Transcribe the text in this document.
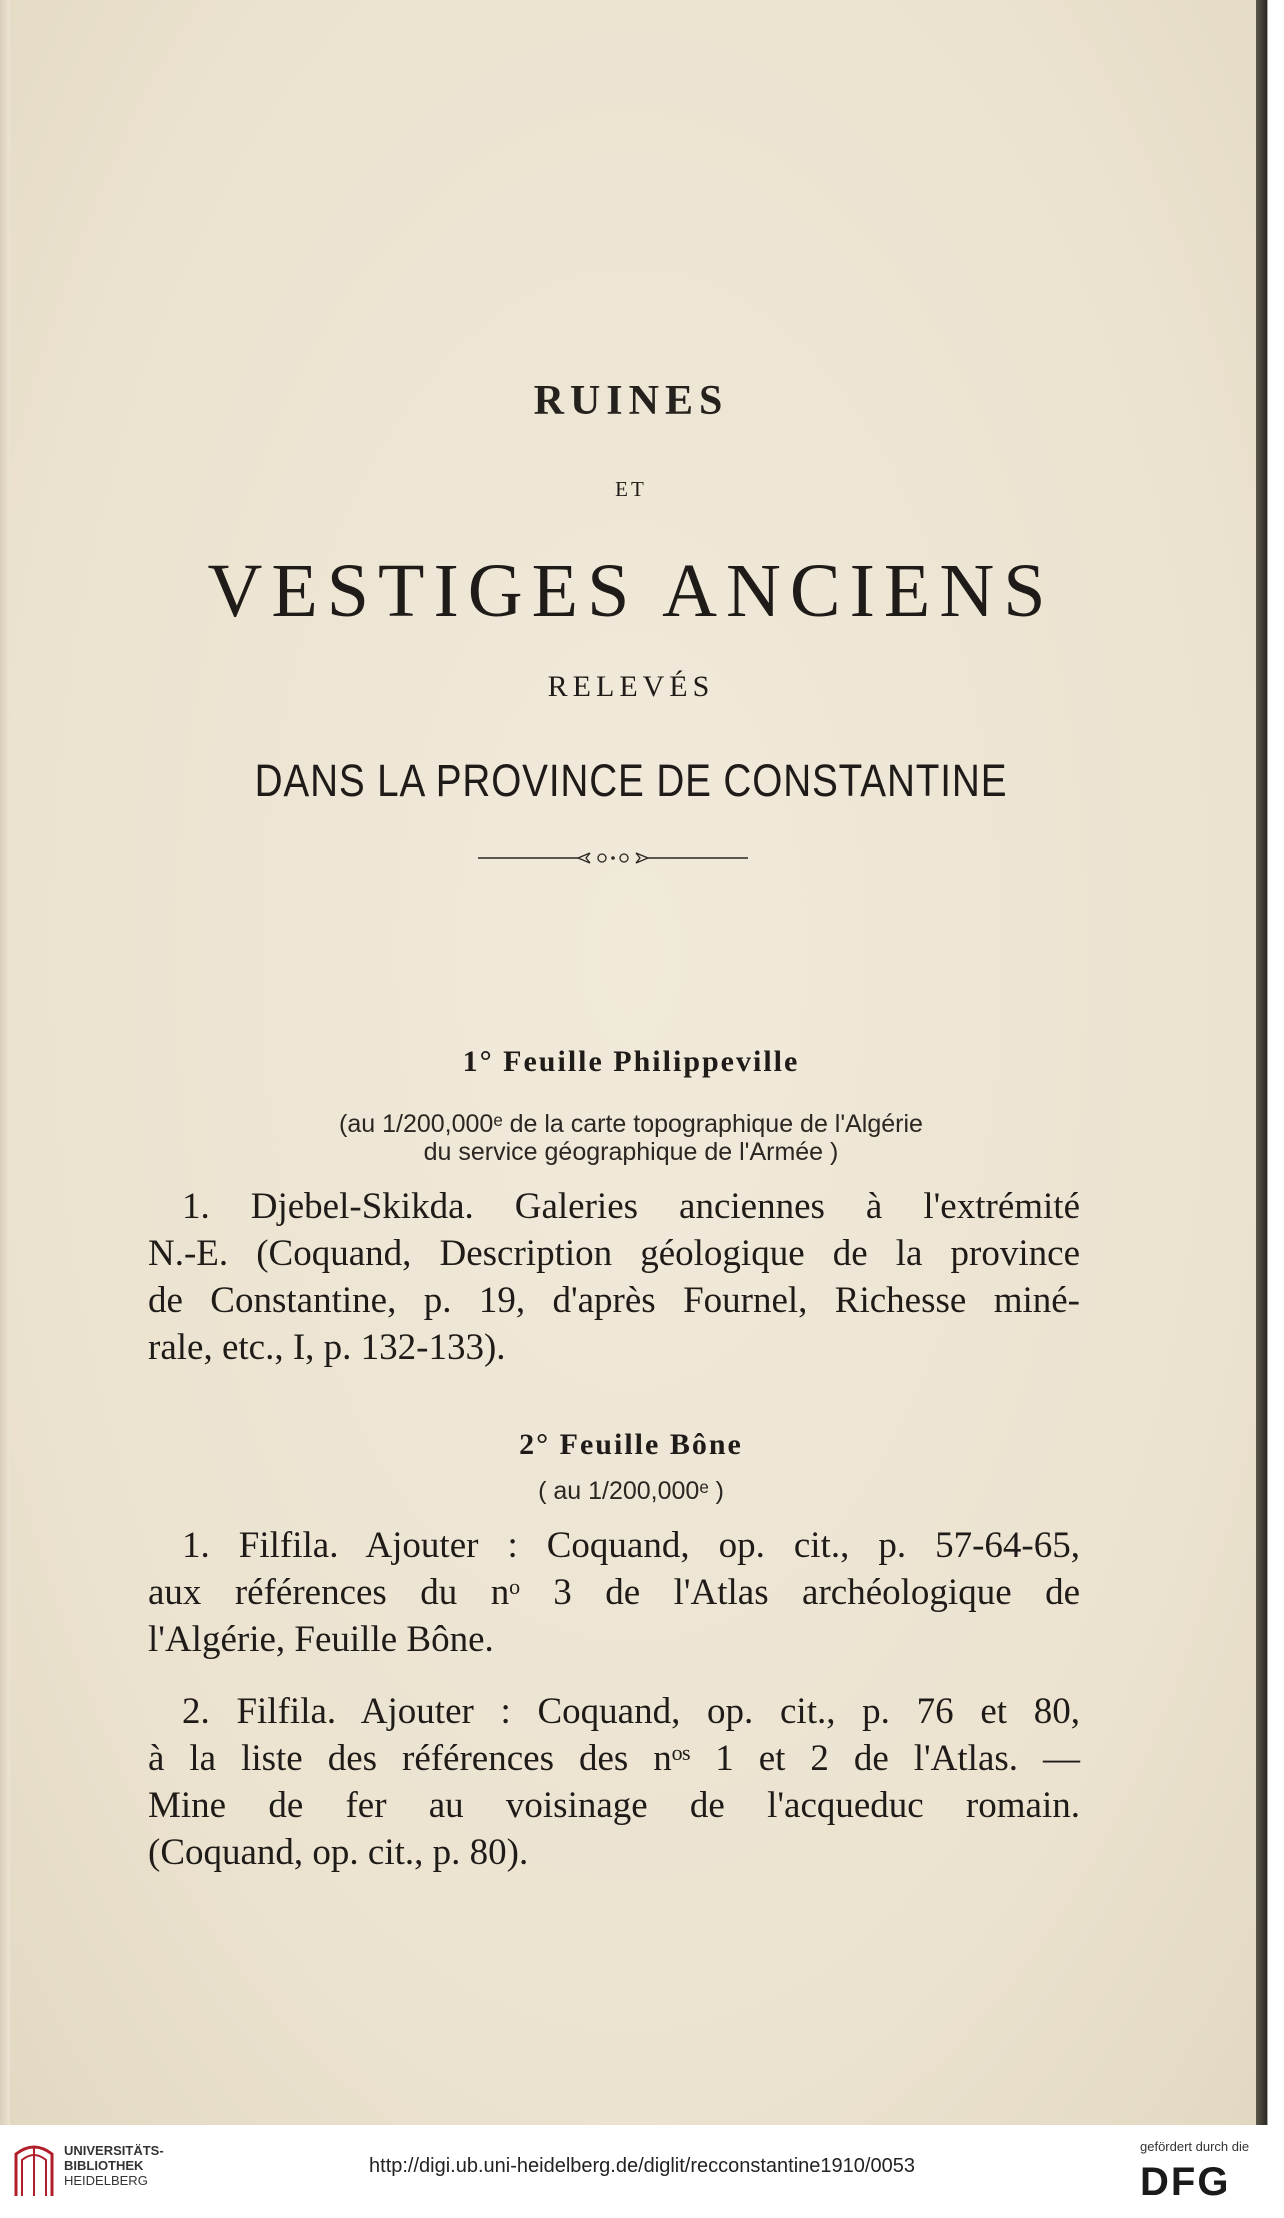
RUINES
ET
VESTIGES ANCIENS
RELEVÉS
DANS LA PROVINCE DE CONSTANTINE
1° Feuille Philippeville
(au 1/200,000ᵉ de la carte topographique de l'Algérie
du service géographique de l'Armée )
1. Djebel-Skikda. Galeries anciennes à l'extrémité
N.-E. (Coquand, Description géologique de la province
de Constantine, p. 19, d'après Fournel, Richesse miné-
rale, etc., I, p. 132-133).
2° Feuille Bône
( au 1/200,000ᵉ )
1. Filfila. Ajouter : Coquand, op. cit., p. 57-64-65,
aux références du nᵒ 3 de l'Atlas archéologique de
l'Algérie, Feuille Bône.
2. Filfila. Ajouter : Coquand, op. cit., p. 76 et 80,
à la liste des références des nᵒˢ 1 et 2 de l'Atlas. —
Mine de fer au voisinage de l'acqueduc romain.
(Coquand, op. cit., p. 80).
UNIVERSITÄTS-
BIBLIOTHEK
HEIDELBERG
http://digi.ub.uni-heidelberg.de/diglit/recconstantine1910/0053
gefördert durch die
DFG
